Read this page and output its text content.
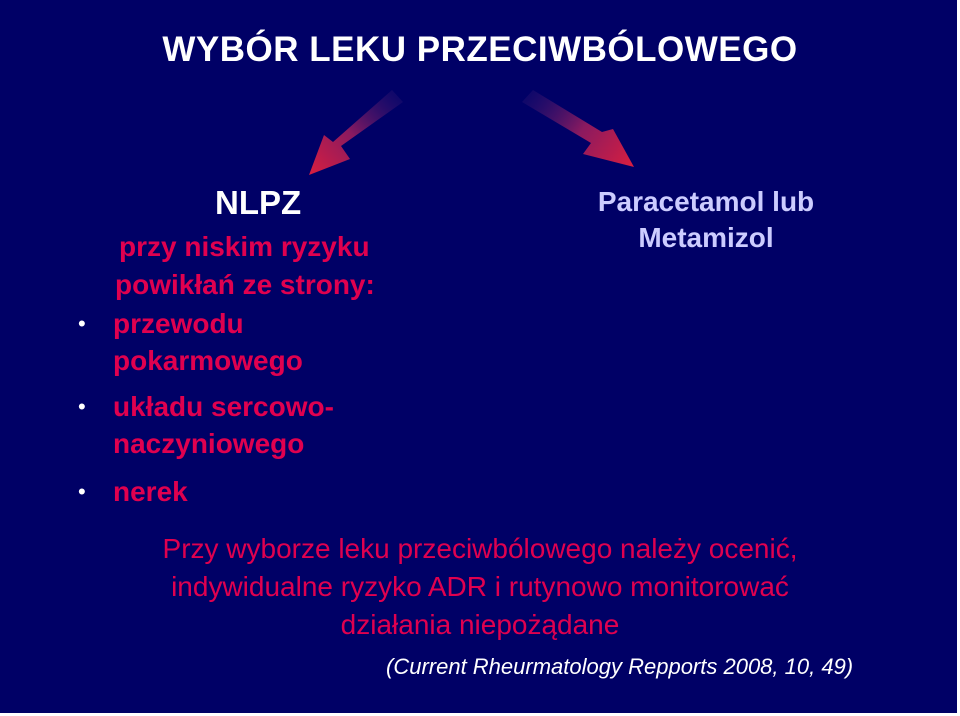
WYBÓR LEKU PRZECIWBÓLOWEGO
NLPZ
przy niskim ryzyku
powikłań ze strony:
• przewodu
pokarmowego
• układu sercowo-
naczyniowego
• nerek
Paracetamol lub
Metamizol
Przy wyborze leku przeciwbólowego należy ocenić,
indywidualne ryzyko ADR i rutynowo monitorować
działania niepożądane
(Current Rheurmatology Repports 2008, 10, 49)
